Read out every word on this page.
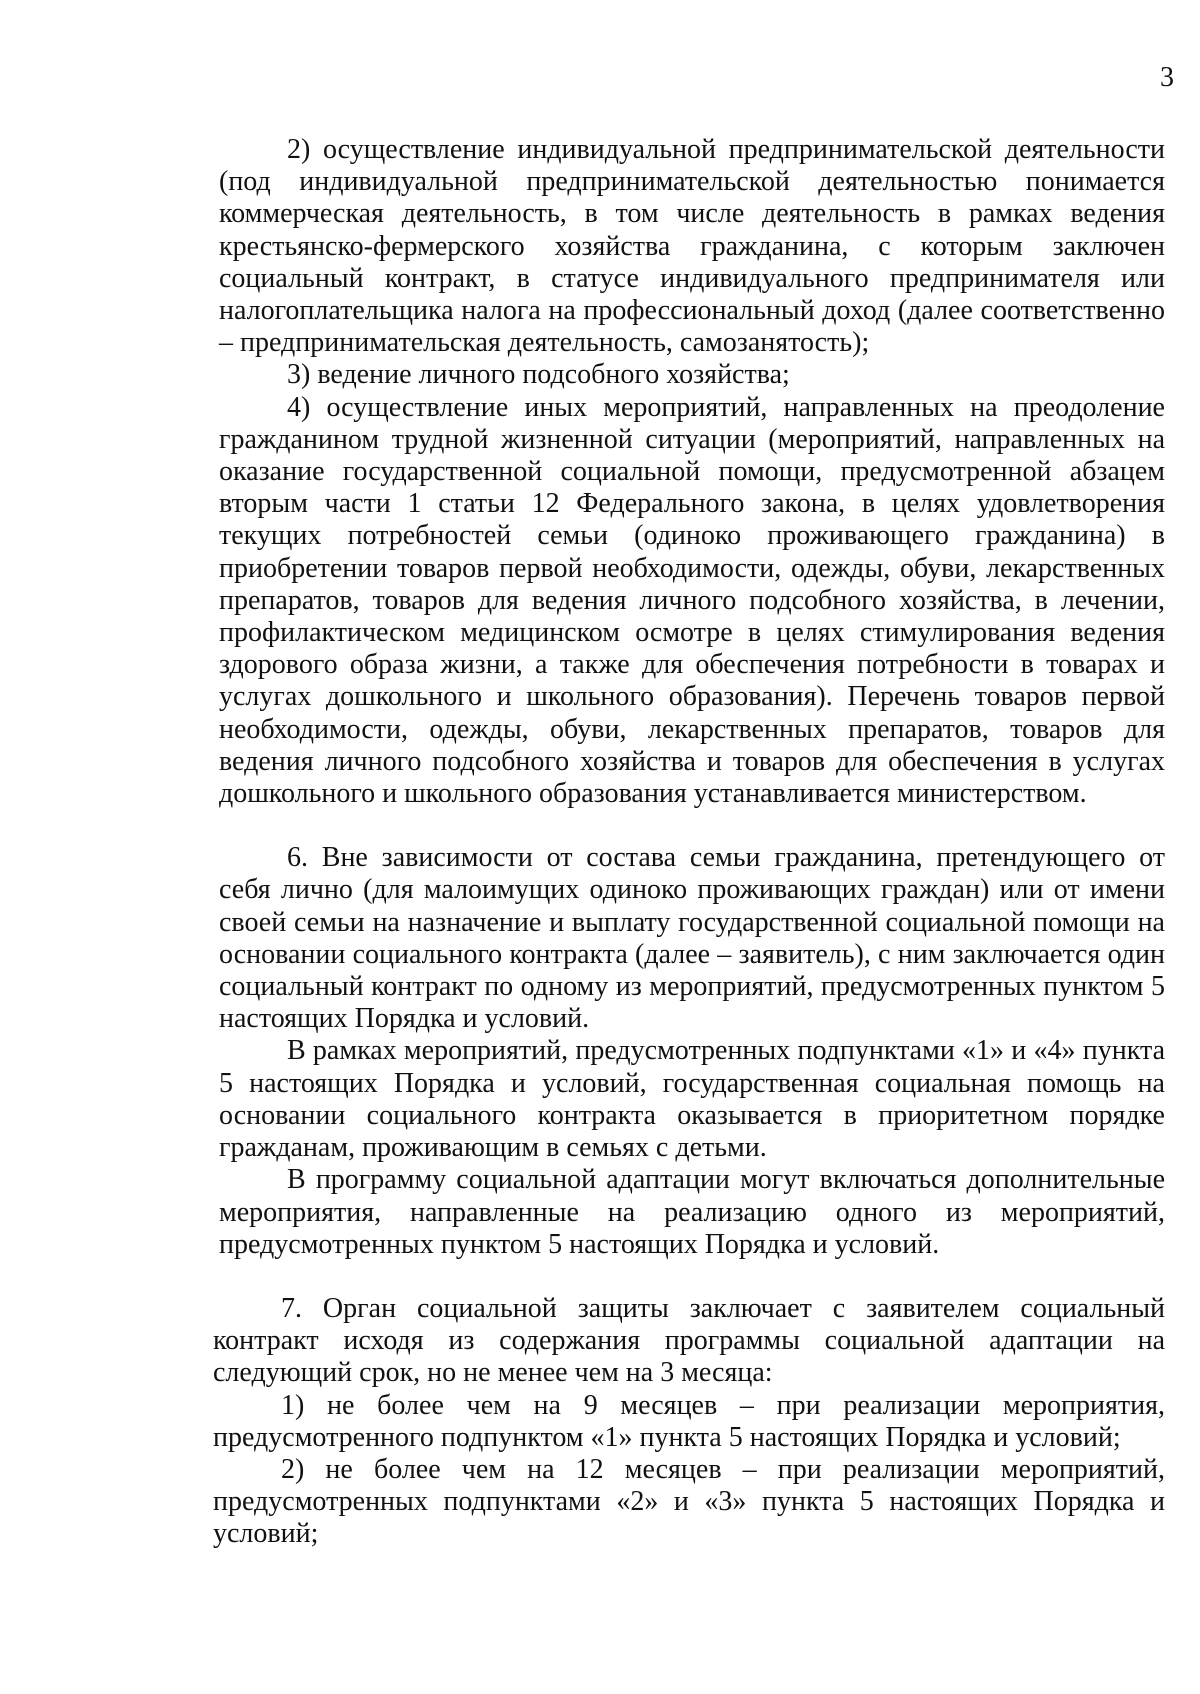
3

2) осуществление индивидуальной предпринимательской деятельности (под индивидуальной предпринимательской деятельностью понимается коммерческая деятельность, в том числе деятельность в рамках ведения крестьянско-фермерского хозяйства гражданина, с которым заключен социальный контракт, в статусе индивидуального предпринимателя или налогоплательщика налога на профессиональный доход (далее соответственно – предпринимательская деятельность, самозанятость);

3) ведение личного подсобного хозяйства;

4) осуществление иных мероприятий, направленных на преодоление гражданином трудной жизненной ситуации (мероприятий, направленных на оказание государственной социальной помощи, предусмотренной абзацем вторым части 1 статьи 12 Федерального закона, в целях удовлетворения текущих потребностей семьи (одиноко проживающего гражданина) в приобретении товаров первой необходимости, одежды, обуви, лекарственных препаратов, товаров для ведения личного подсобного хозяйства, в лечении, профилактическом медицинском осмотре в целях стимулирования ведения здорового образа жизни, а также для обеспечения потребности в товарах и услугах дошкольного и школьного образования). Перечень товаров первой необходимости, одежды, обуви, лекарственных препаратов, товаров для ведения личного подсобного хозяйства и товаров для обеспечения в услугах дошкольного и школьного образования устанавливается министерством.

6. Вне зависимости от состава семьи гражданина, претендующего от себя лично (для малоимущих одиноко проживающих граждан) или от имени своей семьи на назначение и выплату государственной социальной помощи на основании социального контракта (далее – заявитель), с ним заключается один социальный контракт по одному из мероприятий, предусмотренных пунктом 5 настоящих Порядка и условий.

В рамках мероприятий, предусмотренных подпунктами «1» и «4» пункта 5 настоящих Порядка и условий, государственная социальная помощь на основании социального контракта оказывается в приоритетном порядке гражданам, проживающим в семьях с детьми.

В программу социальной адаптации могут включаться дополнительные мероприятия, направленные на реализацию одного из мероприятий, предусмотренных пунктом 5 настоящих Порядка и условий.

7. Орган социальной защиты заключает с заявителем социальный контракт исходя из содержания программы социальной адаптации на следующий срок, но не менее чем на 3 месяца:

1) не более чем на 9 месяцев – при реализации мероприятия, предусмотренного подпунктом «1» пункта 5 настоящих Порядка и условий;

2) не более чем на 12 месяцев – при реализации мероприятий, предусмотренных подпунктами «2» и «3» пункта 5 настоящих Порядка и условий;
